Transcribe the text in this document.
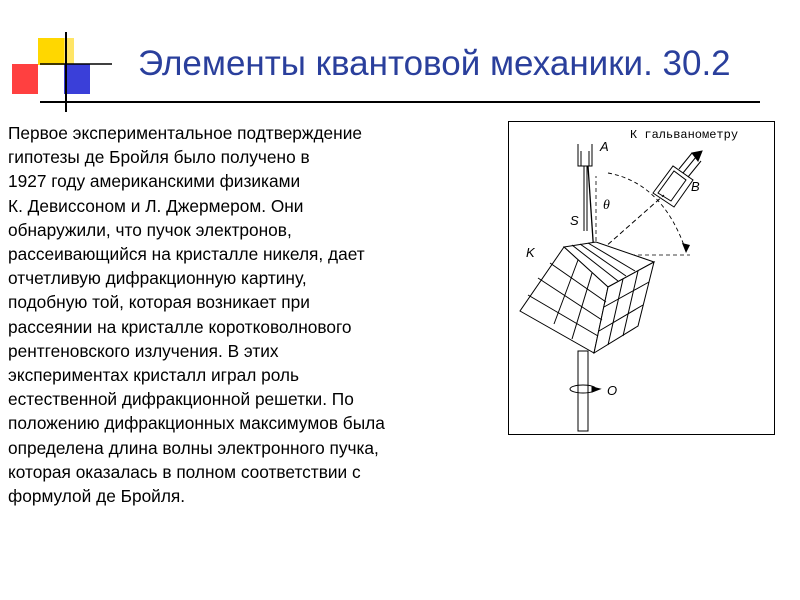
Элементы квантовой механики. 30.2
Первое экспериментальное подтверждение
гипотезы де Бройля было получено в
1927 году американскими физиками
К. Девиссоном и Л. Джермером. Они
обнаружили, что пучок электронов,
рассеивающийся на кристалле никеля, дает
отчетливую дифракционную картину,
подобную той, которая возникает при
рассеянии на кристалле коротковолнового
рентгеновского излучения. В этих
экспериментах кристалл играл роль
естественной дифракционной решетки. По
положению дифракционных максимумов была
определена длина волны электронного пучка,
которая оказалась в полном соответствии с
формулой де Бройля.
К гальванометру
A
B
S
θ
K
O
